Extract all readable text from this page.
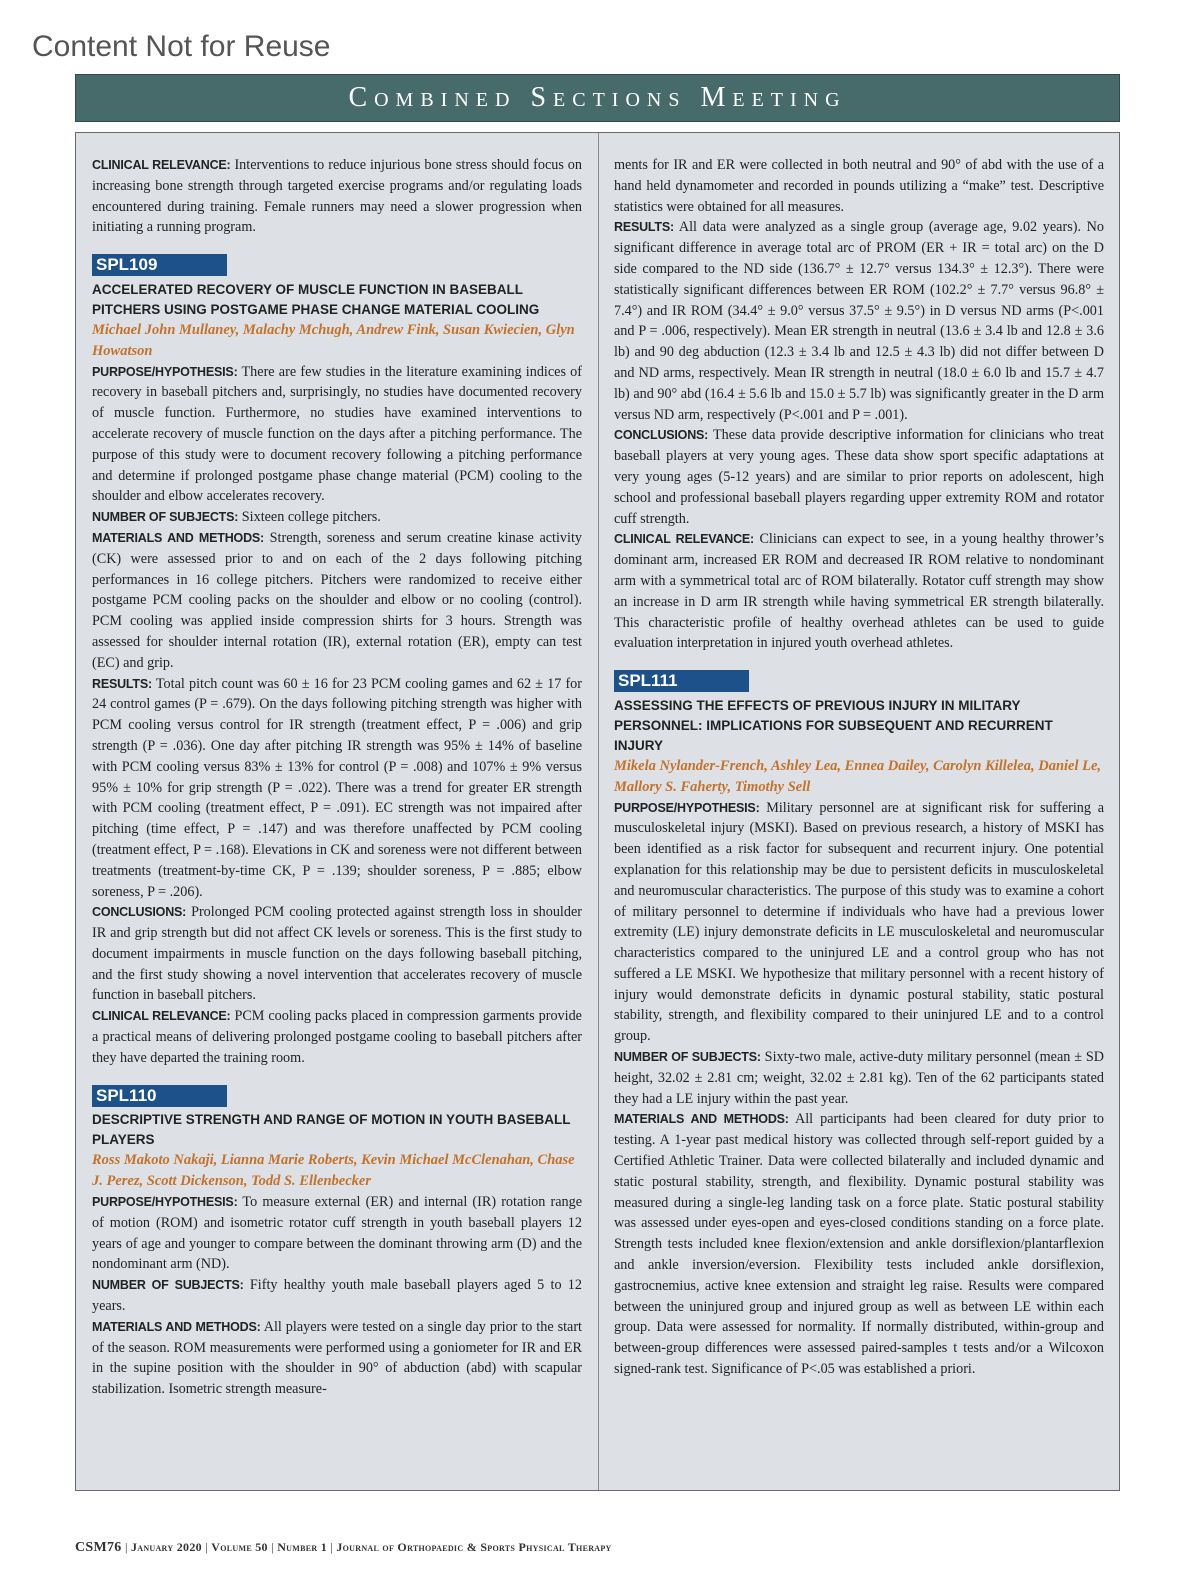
Content Not for Reuse
Combined Sections Meeting

CLINICAL RELEVANCE: Interventions to reduce injurious bone stress should focus on increasing bone strength through targeted exercise programs and/or regulating loads encountered during training. Female runners may need a slower progression when initiating a running program.

SPL109
ACCELERATED RECOVERY OF MUSCLE FUNCTION IN BASEBALL PITCHERS USING POSTGAME PHASE CHANGE MATERIAL COOLING
Michael John Mullaney, Malachy Mchugh, Andrew Fink, Susan Kwiecien, Glyn Howatson

PURPOSE/HYPOTHESIS: There are few studies in the literature examining indices of recovery in baseball pitchers and, surprisingly, no studies have documented recovery of muscle function. Furthermore, no studies have examined interventions to accelerate recovery of muscle function on the days after a pitching performance. The purpose of this study were to document recovery following a pitching performance and determine if prolonged postgame phase change material (PCM) cooling to the shoulder and elbow accelerates recovery.

NUMBER OF SUBJECTS: Sixteen college pitchers.

MATERIALS AND METHODS: Strength, soreness and serum creatine kinase activity (CK) were assessed prior to and on each of the 2 days following pitching performances in 16 college pitchers. Pitchers were randomized to receive either postgame PCM cooling packs on the shoulder and elbow or no cooling (control). PCM cooling was applied inside compression shirts for 3 hours. Strength was assessed for shoulder internal rotation (IR), external rotation (ER), empty can test (EC) and grip.

RESULTS: Total pitch count was 60 ± 16 for 23 PCM cooling games and 62 ± 17 for 24 control games (P = .679). On the days following pitching strength was higher with PCM cooling versus control for IR strength (treatment effect, P = .006) and grip strength (P = .036). One day after pitching IR strength was 95% ± 14% of baseline with PCM cooling versus 83% ± 13% for control (P = .008) and 107% ± 9% versus 95% ± 10% for grip strength (P = .022). There was a trend for greater ER strength with PCM cooling (treatment effect, P = .091). EC strength was not impaired after pitching (time effect, P = .147) and was therefore unaffected by PCM cooling (treatment effect, P = .168). Elevations in CK and soreness were not different between treatments (treatment-by-time CK, P = .139; shoulder soreness, P = .885; elbow soreness, P = .206).

CONCLUSIONS: Prolonged PCM cooling protected against strength loss in shoulder IR and grip strength but did not affect CK levels or soreness. This is the first study to document impairments in muscle function on the days following baseball pitching, and the first study showing a novel intervention that accelerates recovery of muscle function in baseball pitchers.

CLINICAL RELEVANCE: PCM cooling packs placed in compression garments provide a practical means of delivering prolonged postgame cooling to baseball pitchers after they have departed the training room.

SPL110
DESCRIPTIVE STRENGTH AND RANGE OF MOTION IN YOUTH BASEBALL PLAYERS
Ross Makoto Nakaji, Lianna Marie Roberts, Kevin Michael McClenahan, Chase J. Perez, Scott Dickenson, Todd S. Ellenbecker

PURPOSE/HYPOTHESIS: To measure external (ER) and internal (IR) rotation range of motion (ROM) and isometric rotator cuff strength in youth baseball players 12 years of age and younger to compare between the dominant throwing arm (D) and the nondominant arm (ND).

NUMBER OF SUBJECTS: Fifty healthy youth male baseball players aged 5 to 12 years.

MATERIALS AND METHODS: All players were tested on a single day prior to the start of the season. ROM measurements were performed using a goniometer for IR and ER in the supine position with the shoulder in 90° of abduction (abd) with scapular stabilization. Isometric strength measure-

ments for IR and ER were collected in both neutral and 90° of abd with the use of a hand held dynamometer and recorded in pounds utilizing a “make” test. Descriptive statistics were obtained for all measures.

RESULTS: All data were analyzed as a single group (average age, 9.02 years). No significant difference in average total arc of PROM (ER + IR = total arc) on the D side compared to the ND side (136.7° ± 12.7° versus 134.3° ± 12.3°). There were statistically significant differences between ER ROM (102.2° ± 7.7° versus 96.8° ± 7.4°) and IR ROM (34.4° ± 9.0° versus 37.5° ± 9.5°) in D versus ND arms (P<.001 and P = .006, respectively). Mean ER strength in neutral (13.6 ± 3.4 lb and 12.8 ± 3.6 lb) and 90 deg abduction (12.3 ± 3.4 lb and 12.5 ± 4.3 lb) did not differ between D and ND arms, respectively. Mean IR strength in neutral (18.0 ± 6.0 lb and 15.7 ± 4.7 lb) and 90° abd (16.4 ± 5.6 lb and 15.0 ± 5.7 lb) was significantly greater in the D arm versus ND arm, respectively (P<.001 and P = .001).

CONCLUSIONS: These data provide descriptive information for clinicians who treat baseball players at very young ages. These data show sport specific adaptations at very young ages (5-12 years) and are similar to prior reports on adolescent, high school and professional baseball players regarding upper extremity ROM and rotator cuff strength.

CLINICAL RELEVANCE: Clinicians can expect to see, in a young healthy thrower’s dominant arm, increased ER ROM and decreased IR ROM relative to nondominant arm with a symmetrical total arc of ROM bilaterally. Rotator cuff strength may show an increase in D arm IR strength while having symmetrical ER strength bilaterally. This characteristic profile of healthy overhead athletes can be used to guide evaluation interpretation in injured youth overhead athletes.

SPL111
ASSESSING THE EFFECTS OF PREVIOUS INJURY IN MILITARY PERSONNEL: IMPLICATIONS FOR SUBSEQUENT AND RECURRENT INJURY
Mikela Nylander-French, Ashley Lea, Ennea Dailey, Carolyn Killelea, Daniel Le, Mallory S. Faherty, Timothy Sell

PURPOSE/HYPOTHESIS: Military personnel are at significant risk for suffering a musculoskeletal injury (MSKI). Based on previous research, a history of MSKI has been identified as a risk factor for subsequent and recurrent injury. One potential explanation for this relationship may be due to persistent deficits in musculoskeletal and neuromuscular characteristics. The purpose of this study was to examine a cohort of military personnel to determine if individuals who have had a previous lower extremity (LE) injury demonstrate deficits in LE musculoskeletal and neuromuscular characteristics compared to the uninjured LE and a control group who has not suffered a LE MSKI. We hypothesize that military personnel with a recent history of injury would demonstrate deficits in dynamic postural stability, static postural stability, strength, and flexibility compared to their uninjured LE and to a control group.

NUMBER OF SUBJECTS: Sixty-two male, active-duty military personnel (mean ± SD height, 32.02 ± 2.81 cm; weight, 32.02 ± 2.81 kg). Ten of the 62 participants stated they had a LE injury within the past year.

MATERIALS AND METHODS: All participants had been cleared for duty prior to testing. A 1-year past medical history was collected through self-report guided by a Certified Athletic Trainer. Data were collected bilaterally and included dynamic and static postural stability, strength, and flexibility. Dynamic postural stability was measured during a single-leg landing task on a force plate. Static postural stability was assessed under eyes-open and eyes-closed conditions standing on a force plate. Strength tests included knee flexion/extension and ankle dorsiflexion/plantarflexion and ankle inversion/eversion. Flexibility tests included ankle dorsiflexion, gastrocnemius, active knee extension and straight leg raise. Results were compared between the uninjured group and injured group as well as between LE within each group. Data were assessed for normality. If normally distributed, within-group and between-group differences were assessed paired-samples t tests and/or a Wilcoxon signed-rank test. Significance of P<.05 was established a priori.

CSM76 | January 2020 | Volume 50 | Number 1 | Journal of Orthopaedic & Sports Physical Therapy
